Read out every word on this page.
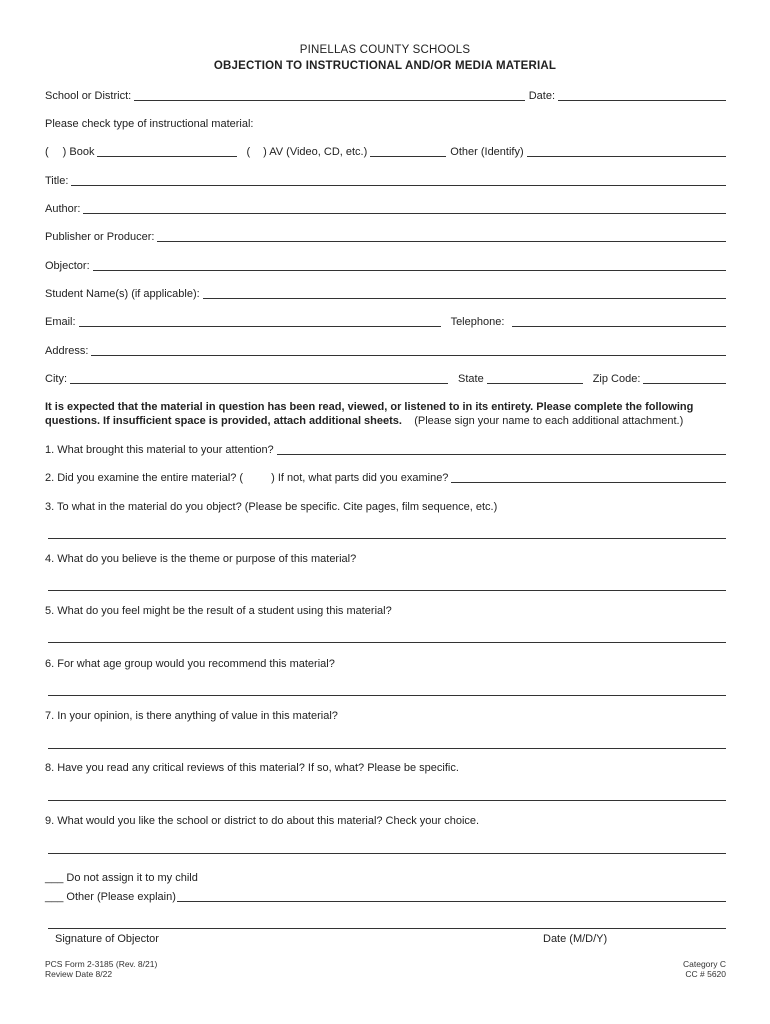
PINELLAS COUNTY SCHOOLS
OBJECTION TO INSTRUCTIONAL AND/OR MEDIA MATERIAL
School or District:	Date:
Please check type of instructional material:
( ) Book	( ) AV (Video, CD, etc.)	Other (Identify)
Title:
Author:
Publisher or Producer:
Objector:
Student Name(s) (if applicable):
Email:	Telephone:
Address:
City:	State	Zip Code:
It is expected that the material in question has been read, viewed, or listened to in its entirety. Please complete the following questions. If insufficient space is provided, attach additional sheets. (Please sign your name to each additional attachment.)
1. What brought this material to your attention?
2. Did you examine the entire material? (	) If not, what parts did you examine?
3. To what in the material do you object? (Please be specific. Cite pages, film sequence, etc.)
4. What do you believe is the theme or purpose of this material?
5. What do you feel might be the result of a student using this material?
6. For what age group would you recommend this material?
7. In your opinion, is there anything of value in this material?
8. Have you read any critical reviews of this material? If so, what? Please be specific.
9. What would you like the school or district to do about this material? Check your choice.
___ Do not assign it to my child
___ Other (Please explain)
Signature of Objector	Date (M/D/Y)
PCS Form 2-3185 (Rev. 8/21)
Review Date 8/22
Category C
CC # 5620
